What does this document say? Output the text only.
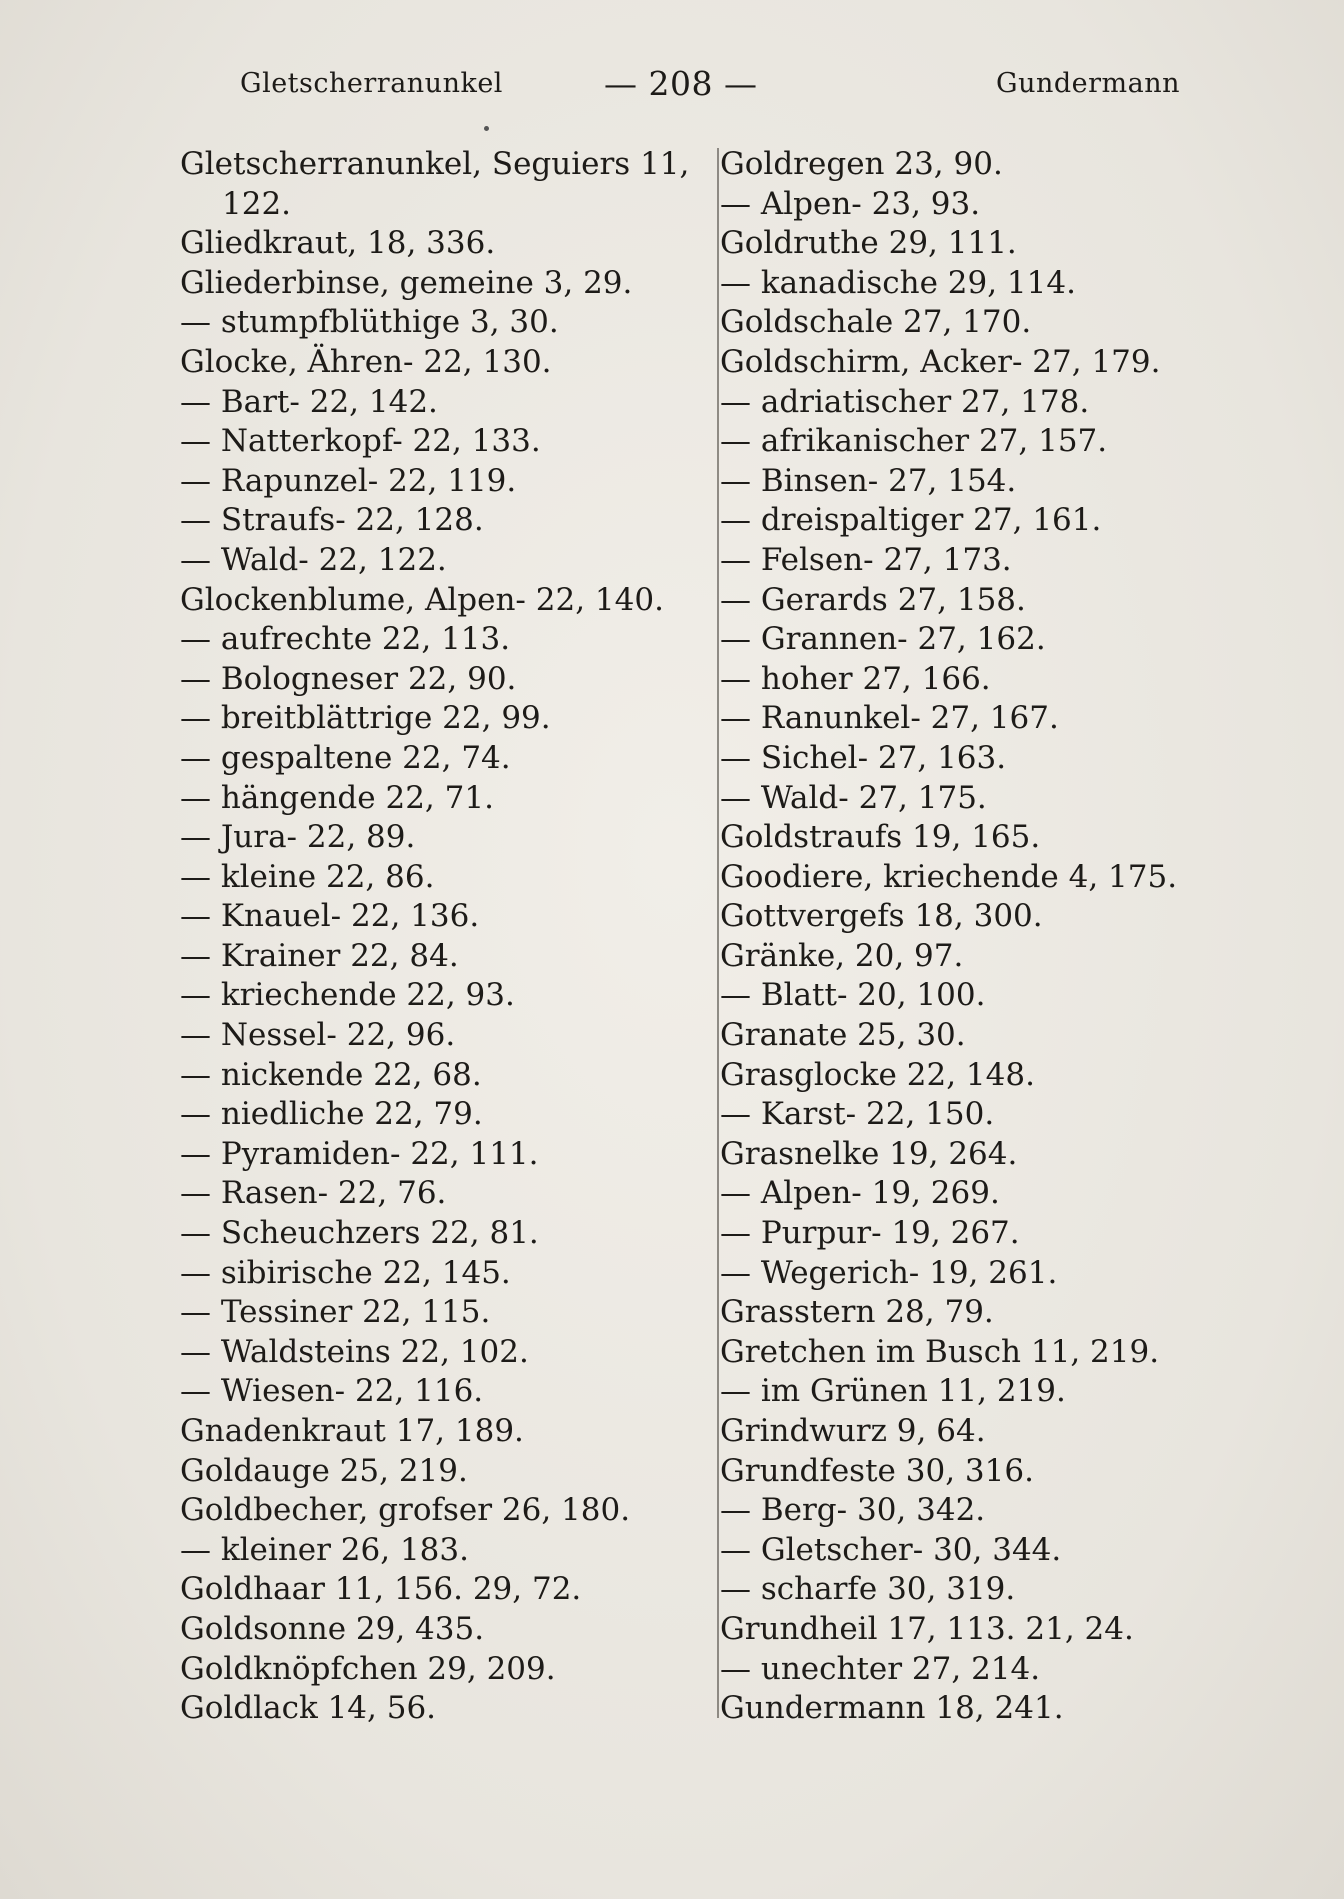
Gletscherranunkel	— 208 —	Gundermann
Gletscherranunkel, Seguiers 11,
122.
Gliedkraut, 18, 336.
Gliederbinse, gemeine 3, 29.
— stumpfblüthige 3, 30.
Glocke, Ähren- 22, 130.
— Bart- 22, 142.
— Natterkopf- 22, 133.
— Rapunzel- 22, 119.
— Straufs- 22, 128.
— Wald- 22, 122.
Glockenblume, Alpen- 22, 140.
— aufrechte 22, 113.
— Bologneser 22, 90.
— breitblättrige 22, 99.
— gespaltene 22, 74.
— hängende 22, 71.
— Jura- 22, 89.
— kleine 22, 86.
— Knauel- 22, 136.
— Krainer 22, 84.
— kriechende 22, 93.
— Nessel- 22, 96.
— nickende 22, 68.
— niedliche 22, 79.
— Pyramiden- 22, 111.
— Rasen- 22, 76.
— Scheuchzers 22, 81.
— sibirische 22, 145.
— Tessiner 22, 115.
— Waldsteins 22, 102.
— Wiesen- 22, 116.
Gnadenkraut 17, 189.
Goldauge 25, 219.
Goldbecher, grofser 26, 180.
— kleiner 26, 183.
Goldhaar 11, 156. 29, 72.
Goldsonne 29, 435.
Goldknöpfchen 29, 209.
Goldlack 14, 56.
Goldregen 23, 90.
— Alpen- 23, 93.
Goldruthe 29, 111.
— kanadische 29, 114.
Goldschale 27, 170.
Goldschirm, Acker- 27, 179.
— adriatischer 27, 178.
— afrikanischer 27, 157.
— Binsen- 27, 154.
— dreispaltiger 27, 161.
— Felsen- 27, 173.
— Gerards 27, 158.
— Grannen- 27, 162.
— hoher 27, 166.
— Ranunkel- 27, 167.
— Sichel- 27, 163.
— Wald- 27, 175.
Goldstraufs 19, 165.
Goodiere, kriechende 4, 175.
Gottvergefs 18, 300.
Gränke, 20, 97.
— Blatt- 20, 100.
Granate 25, 30.
Grasglocke 22, 148.
— Karst- 22, 150.
Grasnelke 19, 264.
— Alpen- 19, 269.
— Purpur- 19, 267.
— Wegerich- 19, 261.
Grasstern 28, 79.
Gretchen im Busch 11, 219.
— im Grünen 11, 219.
Grindwurz 9, 64.
Grundfeste 30, 316.
— Berg- 30, 342.
— Gletscher- 30, 344.
— scharfe 30, 319.
Grundheil 17, 113. 21, 24.
— unechter 27, 214.
Gundermann 18, 241.
